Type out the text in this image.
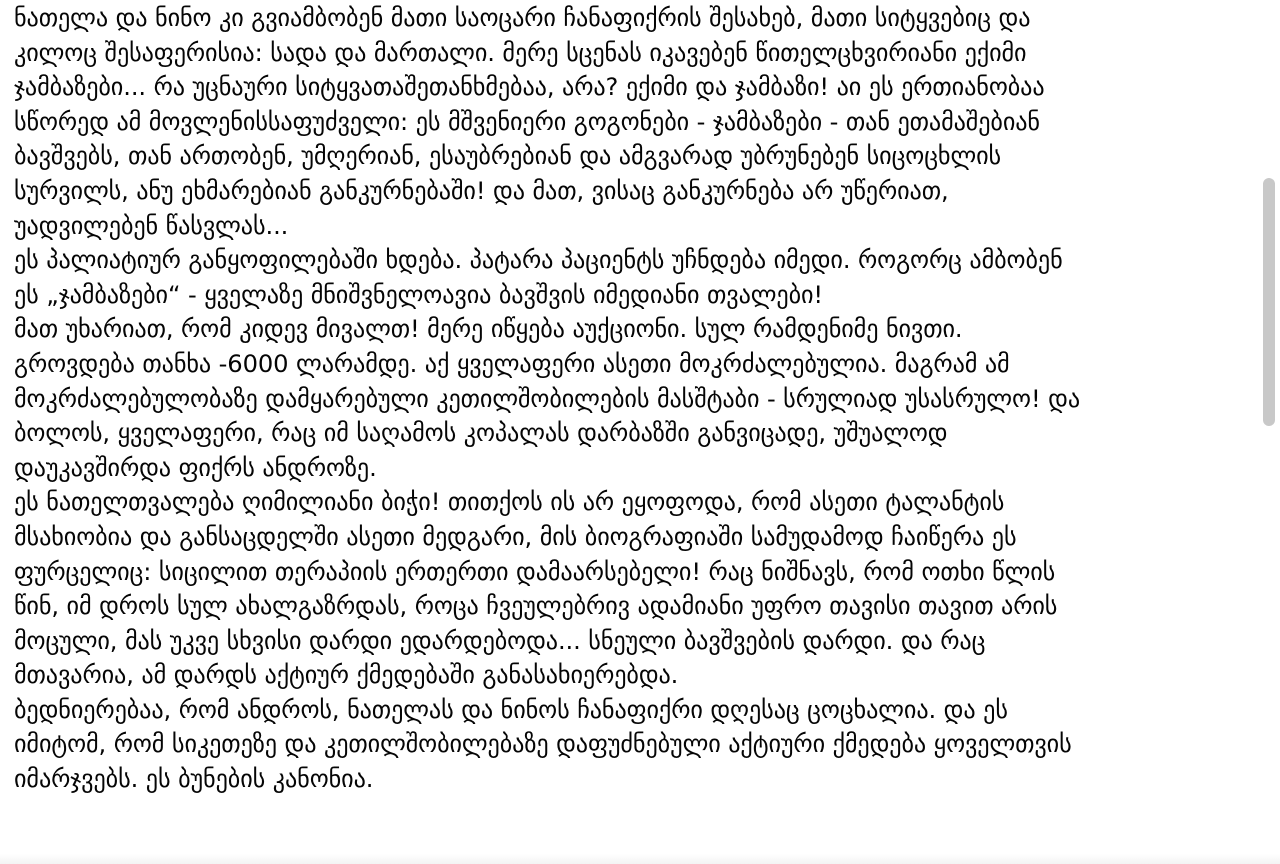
ნათელა და ნინო კი გვიამბობენ მათი საოცარი ჩანაფიქრის შესახებ, მათი სიტყვებიც და
კილოც შესაფერისია: სადა და მართალი. მერე სცენას იკავებენ წითელცხვირიანი ექიმი
ჯამბაზები... რა უცნაური სიტყვათაშეთანხმებაა, არა? ექიმი და ჯამბაზი! აი ეს ერთიანობაა
სწორედ ამ მოვლენისსაფუძველი: ეს მშვენიერი გოგონები - ჯამბაზები - თან ეთამაშებიან
ბავშვებს, თან ართობენ, უმღერიან, ესაუბრებიან და ამგვარად უბრუნებენ სიცოცხლის
სურვილს, ანუ ეხმარებიან განკურნებაში! და მათ, ვისაც განკურნება არ უწერიათ,
უადვილებენ წასვლას...
ეს პალიატიურ განყოფილებაში ხდება. პატარა პაციენტს უჩნდება იმედი. როგორც ამბობენ
ეს „ჯამბაზები“ - ყველაზე მნიშვნელოავია ბავშვის იმედიანი თვალები!
მათ უხარიათ, რომ კიდევ მივალთ! მერე იწყება აუქციონი. სულ რამდენიმე ნივთი.
გროვდება თანხა -6000 ლარამდე. აქ ყველაფერი ასეთი მოკრძალებულია. მაგრამ ამ
მოკრძალებულობაზე დამყარებული კეთილშობილების მასშტაბი - სრულიად უსასრულო! და
ბოლოს, ყველაფერი, რაც იმ საღამოს კოპალას დარბაზში განვიცადე, უშუალოდ
დაუკავშირდა ფიქრს ანდროზე.
ეს ნათელთვალება ღიმილიანი ბიჭი! თითქოს ის არ ეყოფოდა, რომ ასეთი ტალანტის
მსახიობია და განსაცდელში ასეთი მედგარი, მის ბიოგრაფიაში სამუდამოდ ჩაიწერა ეს
ფურცელიც: სიცილით თერაპიის ერთერთი დამაარსებელი! რაც ნიშნავს, რომ ოთხი წლის
წინ, იმ დროს სულ ახალგაზრდას, როცა ჩვეულებრივ ადამიანი უფრო თავისი თავით არის
მოცული, მას უკვე სხვისი დარდი ედარდებოდა... სნეული ბავშვების დარდი. და რაც
მთავარია, ამ დარდს აქტიურ ქმედებაში განასახიერებდა.
ბედნიერებაა, რომ ანდროს, ნათელას და ნინოს ჩანაფიქრი დღესაც ცოცხალია. და ეს
იმიტომ, რომ სიკეთეზე და კეთილშობილებაზე დაფუძნებული აქტიური ქმედება ყოველთვის
იმარჯვებს. ეს ბუნების კანონია.
